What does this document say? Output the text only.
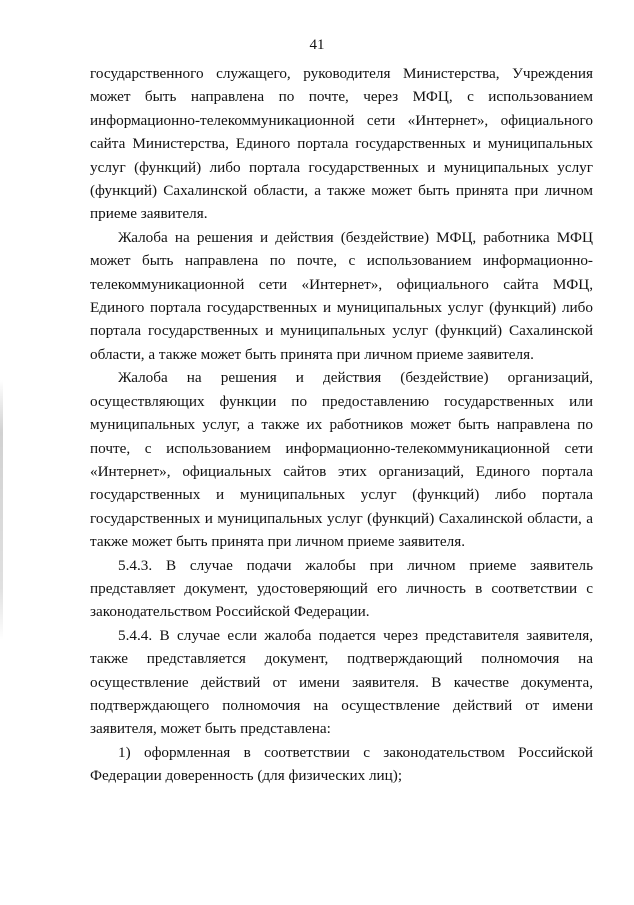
41

государственного служащего, руководителя Министерства, Учреждения может быть направлена по почте, через МФЦ, с использованием информационно-телекоммуникационной сети «Интернет», официального сайта Министерства, Единого портала государственных и муниципальных услуг (функций) либо портала государственных и муниципальных услуг (функций) Сахалинской области, а также может быть принята при личном приеме заявителя.

Жалоба на решения и действия (бездействие) МФЦ, работника МФЦ может быть направлена по почте, с использованием информационно-телекоммуникационной сети «Интернет», официального сайта МФЦ, Единого портала государственных и муниципальных услуг (функций) либо портала государственных и муниципальных услуг (функций) Сахалинской области, а также может быть принята при личном приеме заявителя.

Жалоба на решения и действия (бездействие) организаций, осуществляющих функции по предоставлению государственных или муниципальных услуг, а также их работников может быть направлена по почте, с использованием информационно-телекоммуникационной сети «Интернет», официальных сайтов этих организаций, Единого портала государственных и муниципальных услуг (функций) либо портала государственных и муниципальных услуг (функций) Сахалинской области, а также может быть принята при личном приеме заявителя.

5.4.3. В случае подачи жалобы при личном приеме заявитель представляет документ, удостоверяющий его личность в соответствии с законодательством Российской Федерации.

5.4.4. В случае если жалоба подается через представителя заявителя, также представляется документ, подтверждающий полномочия на осуществление действий от имени заявителя. В качестве документа, подтверждающего полномочия на осуществление действий от имени заявителя, может быть представлена:

1) оформленная в соответствии с законодательством Российской Федерации доверенность (для физических лиц);
